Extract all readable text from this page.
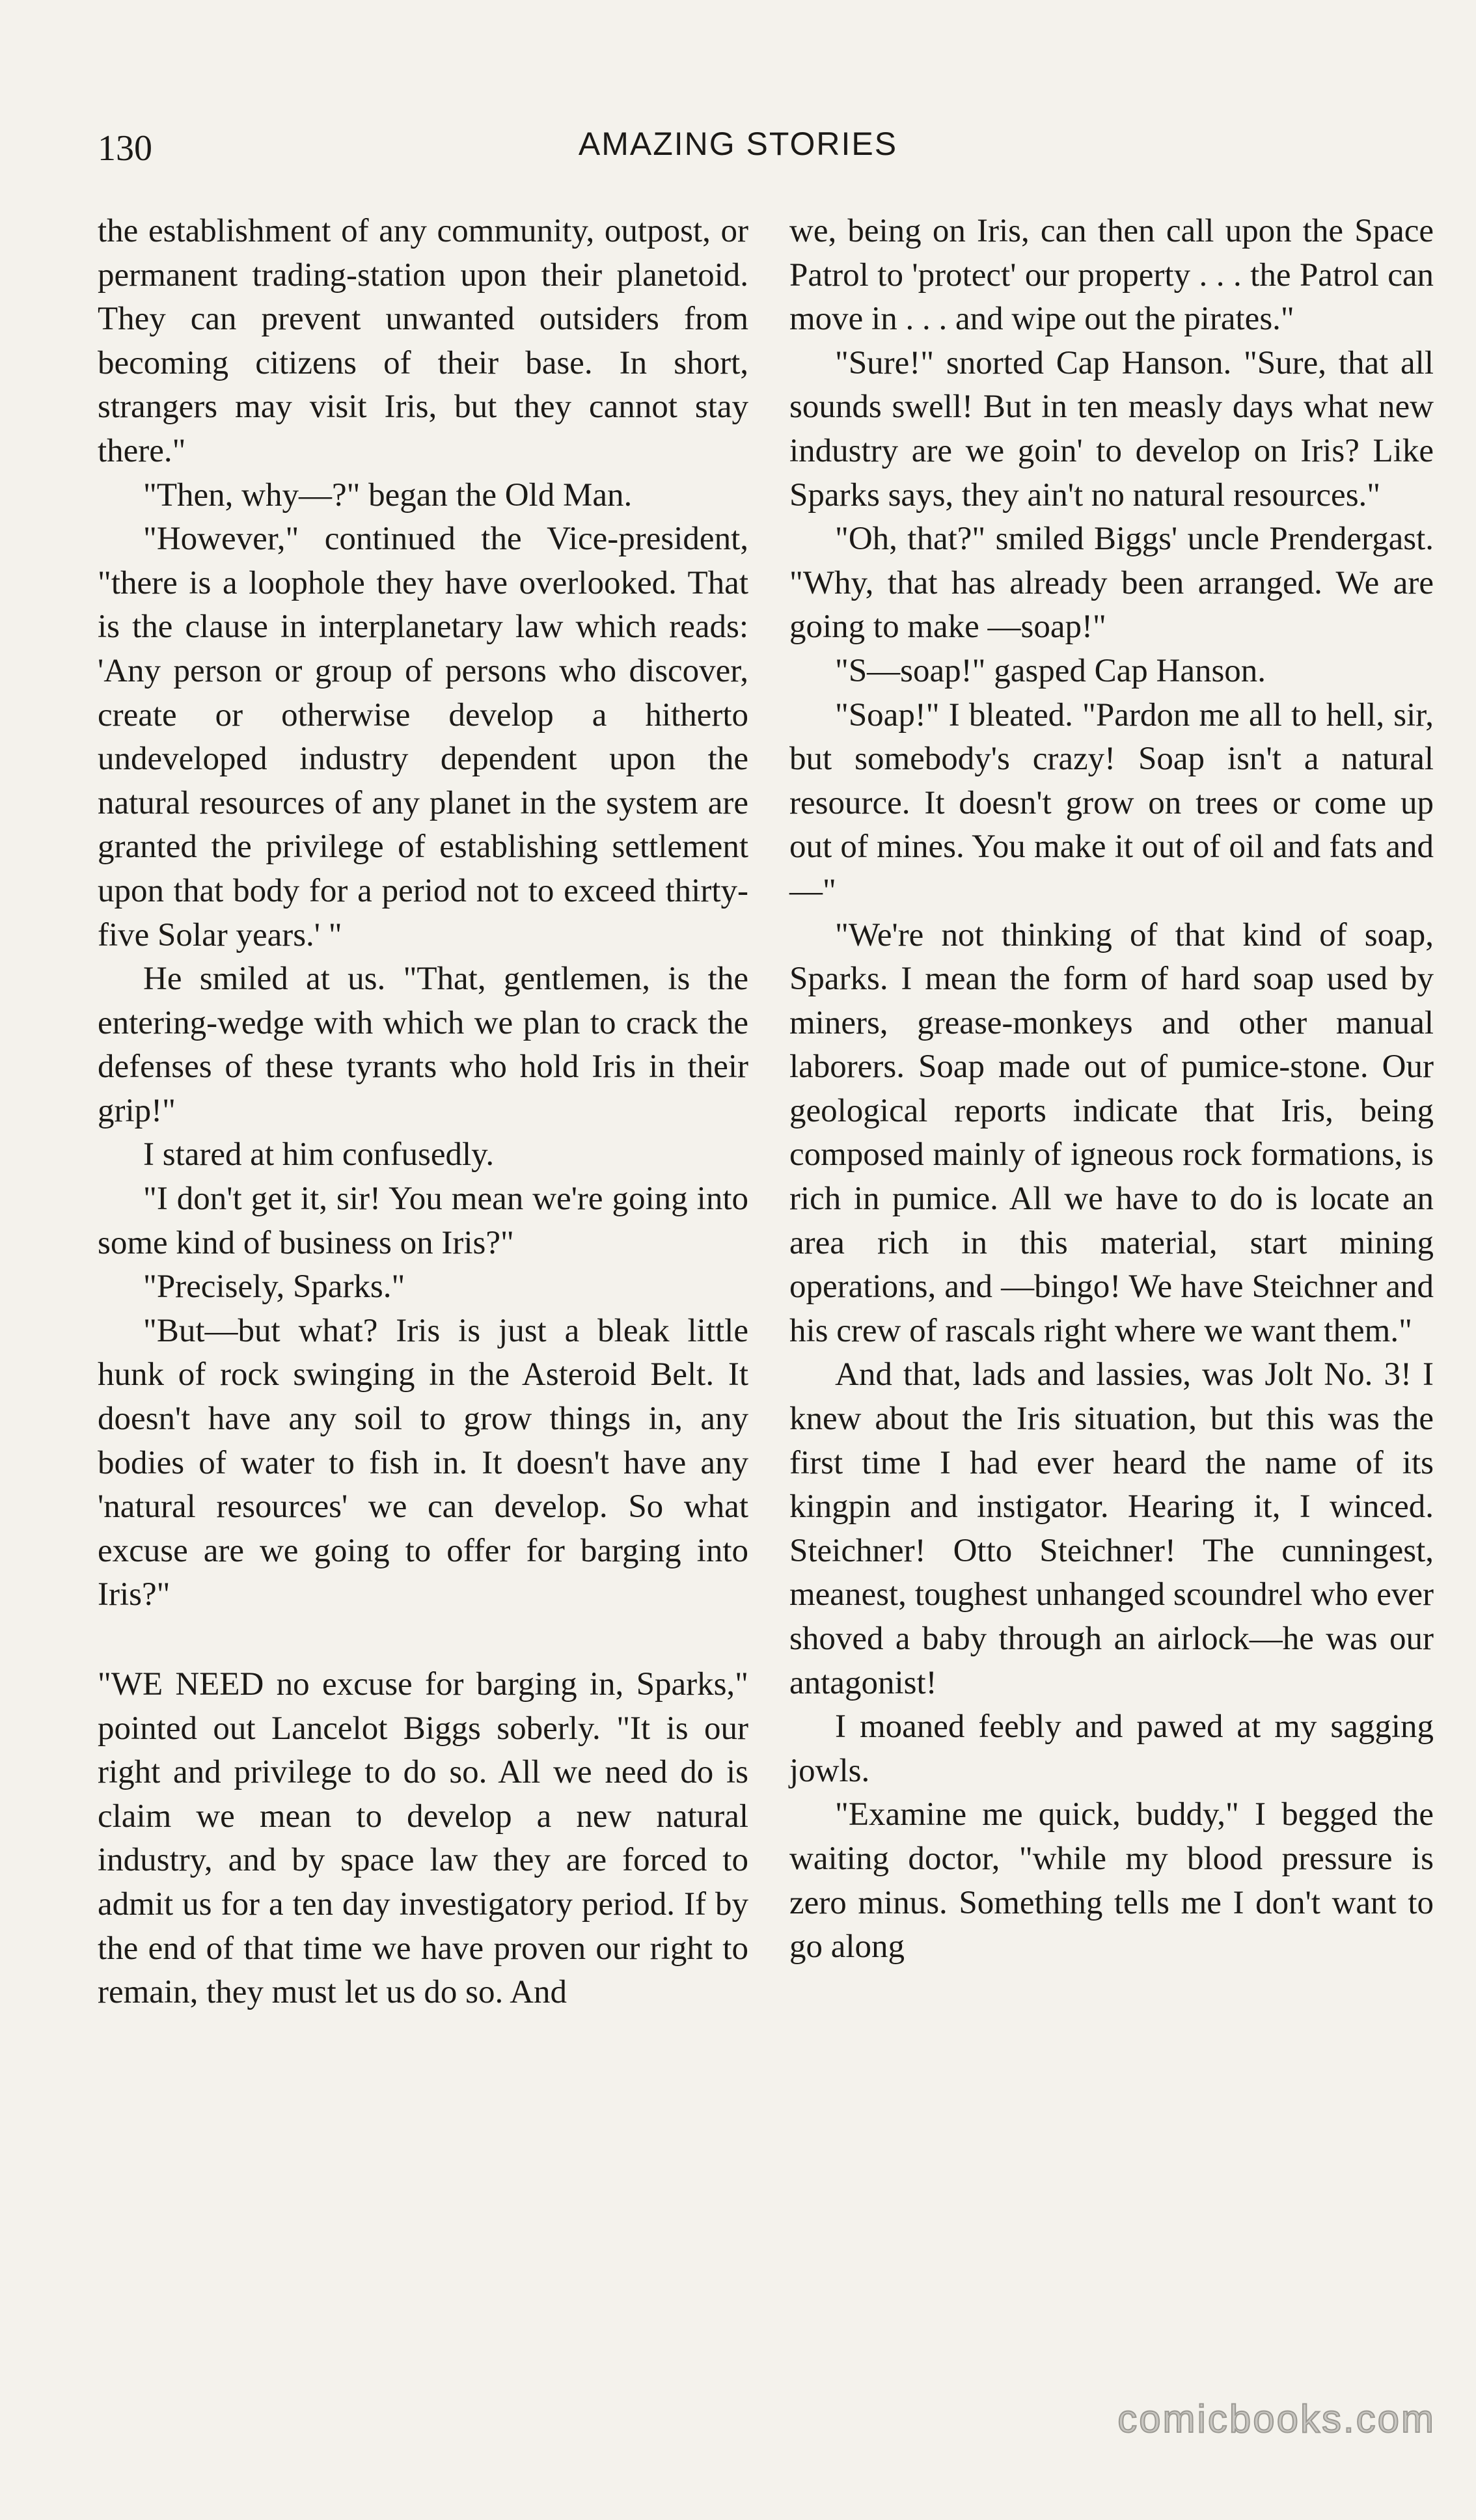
130	AMAZING STORIES

the establishment of any community, outpost, or permanent trading-station upon their planetoid. They can prevent unwanted outsiders from becoming citizens of their base. In short, strangers may visit Iris, but they cannot stay there."

"Then, why—?" began the Old Man.

"However," continued the Vice-president, "there is a loophole they have overlooked. That is the clause in interplanetary law which reads: 'Any person or group of persons who discover, create or otherwise develop a hitherto undeveloped industry dependent upon the natural resources of any planet in the system are granted the privilege of establishing settlement upon that body for a period not to exceed thirty-five Solar years.' "

He smiled at us. "That, gentlemen, is the entering-wedge with which we plan to crack the defenses of these tyrants who hold Iris in their grip!"

I stared at him confusedly.

"I don't get it, sir! You mean we're going into some kind of business on Iris?"

"Precisely, Sparks."

"But—but what? Iris is just a bleak little hunk of rock swinging in the Asteroid Belt. It doesn't have any soil to grow things in, any bodies of water to fish in. It doesn't have any 'natural resources' we can develop. So what excuse are we going to offer for barging into Iris?"

"WE NEED no excuse for barging in, Sparks," pointed out Lancelot Biggs soberly. "It is our right and privilege to do so. All we need do is claim we mean to develop a new natural industry, and by space law they are forced to admit us for a ten day investigatory period. If by the end of that time we have proven our right to remain, they must let us do so. And

we, being on Iris, can then call upon the Space Patrol to 'protect' our property . . . the Patrol can move in . . . and wipe out the pirates."

"Sure!" snorted Cap Hanson. "Sure, that all sounds swell! But in ten measly days what new industry are we goin' to develop on Iris? Like Sparks says, they ain't no natural resources."

"Oh, that?" smiled Biggs' uncle Prendergast. "Why, that has already been arranged. We are going to make —soap!"

"S—soap!" gasped Cap Hanson.

"Soap!" I bleated. "Pardon me all to hell, sir, but somebody's crazy! Soap isn't a natural resource. It doesn't grow on trees or come up out of mines. You make it out of oil and fats and—"

"We're not thinking of that kind of soap, Sparks. I mean the form of hard soap used by miners, grease-monkeys and other manual laborers. Soap made out of pumice-stone. Our geological reports indicate that Iris, being composed mainly of igneous rock formations, is rich in pumice. All we have to do is locate an area rich in this material, start mining operations, and —bingo! We have Steichner and his crew of rascals right where we want them."

And that, lads and lassies, was Jolt No. 3! I knew about the Iris situation, but this was the first time I had ever heard the name of its kingpin and instigator. Hearing it, I winced. Steichner! Otto Steichner! The cunningest, meanest, toughest unhanged scoundrel who ever shoved a baby through an airlock—he was our antagonist!

I moaned feebly and pawed at my sagging jowls.

"Examine me quick, buddy," I begged the waiting doctor, "while my blood pressure is zero minus. Something tells me I don't want to go along

comicbooks.com
